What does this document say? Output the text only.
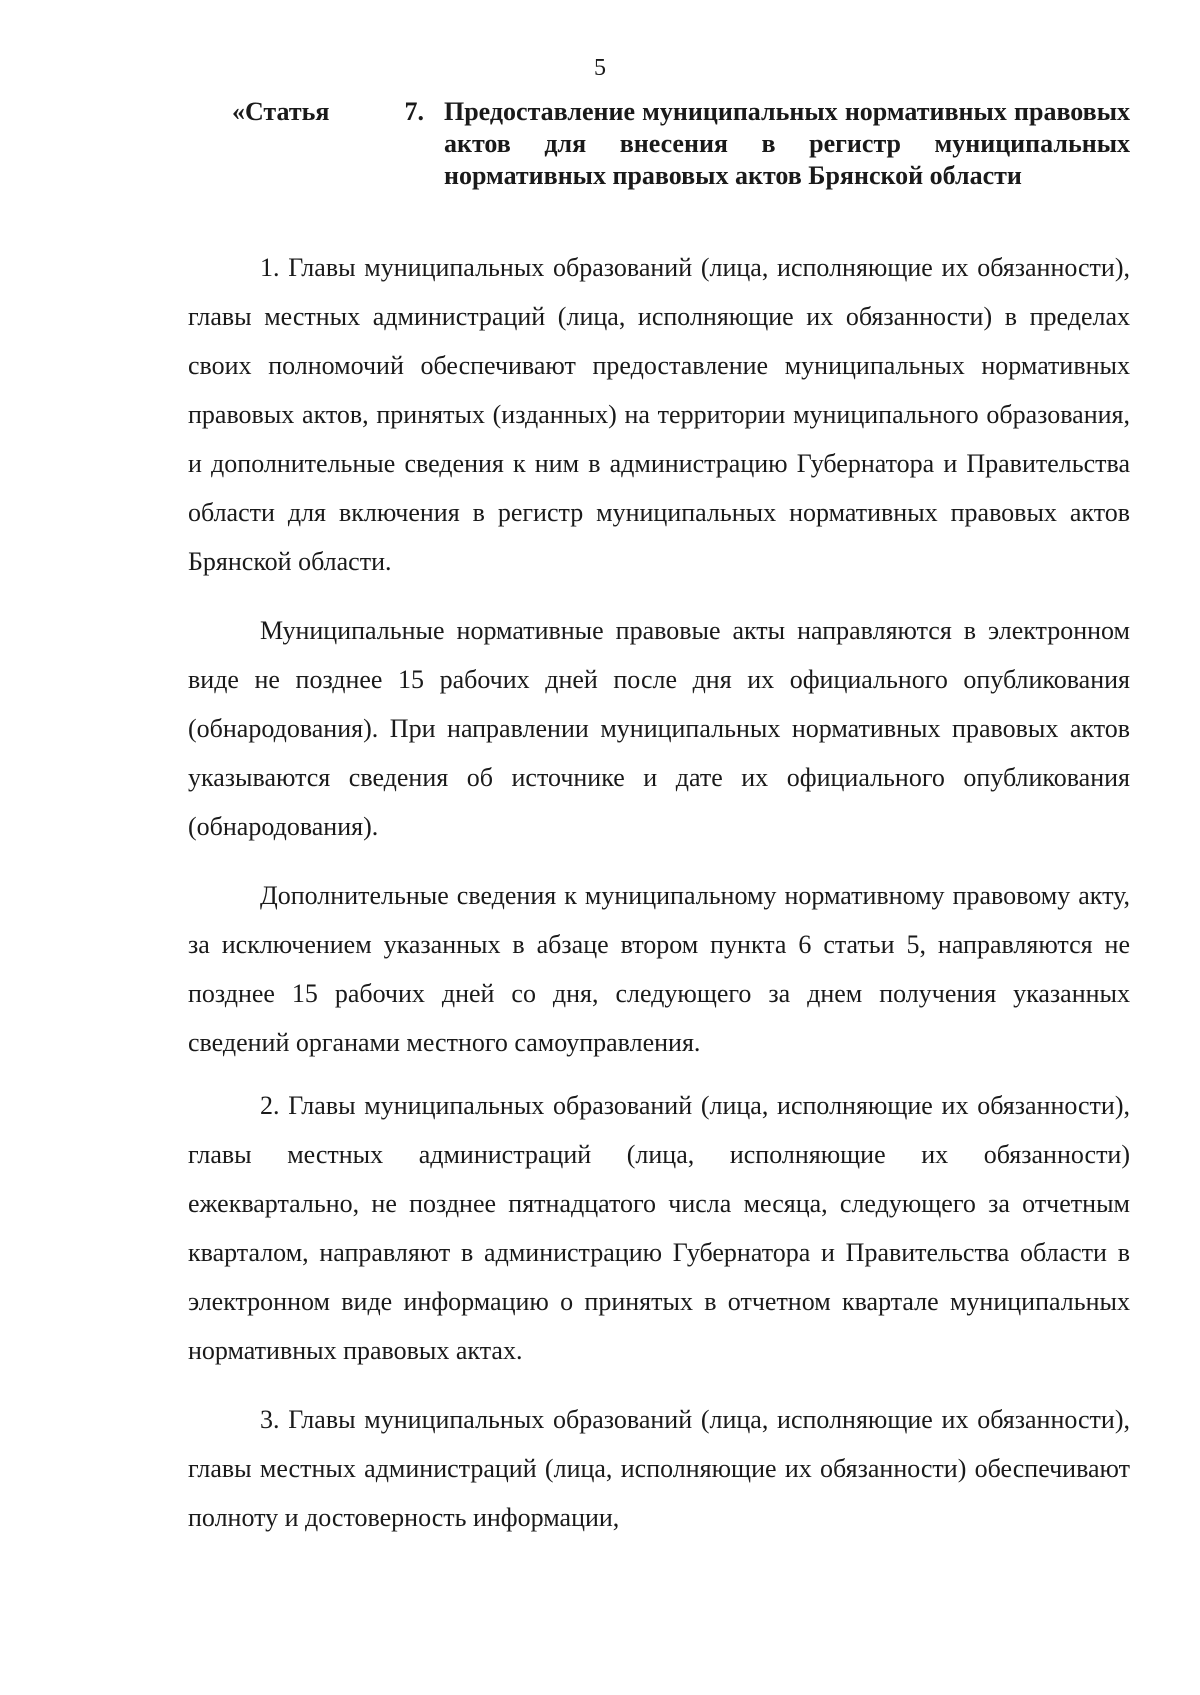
5
«Статья	7. Предоставление муниципальных нормативных правовых актов для внесения в регистр муниципальных нормативных правовых актов Брянской области

1. Главы муниципальных образований (лица, исполняющие их обязанности), главы местных администраций (лица, исполняющие их обязанности) в пределах своих полномочий обеспечивают предоставление муниципальных нормативных правовых актов, принятых (изданных) на территории муниципального образования, и дополнительные сведения к ним в администрацию Губернатора и Правительства области для включения в регистр муниципальных нормативных правовых актов Брянской области.

Муниципальные нормативные правовые акты направляются в электронном виде не позднее 15 рабочих дней после дня их официального опубликования (обнародования). При направлении муниципальных нормативных правовых актов указываются сведения об источнике и дате их официального опубликования (обнародования).

Дополнительные сведения к муниципальному нормативному правовому акту, за исключением указанных в абзаце втором пункта 6 статьи 5, направляются не позднее 15 рабочих дней со дня, следующего за днем получения указанных сведений органами местного самоуправления.

2. Главы муниципальных образований (лица, исполняющие их обязанности), главы местных администраций (лица, исполняющие их обязанности) ежеквартально, не позднее пятнадцатого числа месяца, следующего за отчетным кварталом, направляют в администрацию Губернатора и Правительства области в электронном виде информацию о принятых в отчетном квартале муниципальных нормативных правовых актах.

3. Главы муниципальных образований (лица, исполняющие их обязанности), главы местных администраций (лица, исполняющие их обязанности) обеспечивают полноту и достоверность информации,
